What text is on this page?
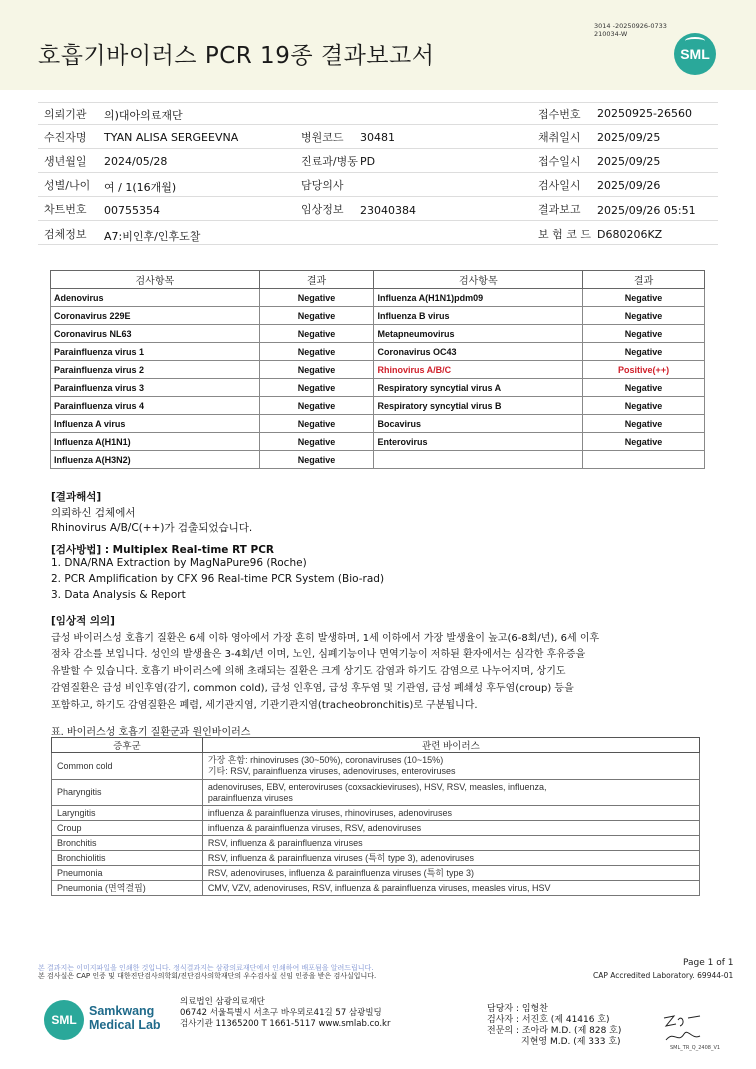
호흡기바이러스 PCR 19종 결과보고서
3014 -20250926-0733
210034-W
SML
의뢰기관 의)대아의료재단	접수번호 20250925-26560
수진자명 TYAN ALISA SERGEEVNA	병원코드 30481	채취일시 2025/09/25
생년월일 2024/05/28	진료과/병동 PD	접수일시 2025/09/25
성별/나이 여 / 1(16개월)	담당의사	검사일시 2025/09/26
차트번호 00755354	임상정보 23040384	결과보고 2025/09/26 05:51
검체정보 A7:비인후/인후도찰	보 험 코 드 D680206KZ
검사항목	결과	검사항목	결과
Adenovirus	Negative	Influenza A(H1N1)pdm09	Negative
Coronavirus 229E	Negative	Influenza B virus	Negative
Coronavirus NL63	Negative	Metapneumovirus	Negative
Parainfluenza virus 1	Negative	Coronavirus OC43	Negative
Parainfluenza virus 2	Negative	Rhinovirus A/B/C	Positive(++)
Parainfluenza virus 3	Negative	Respiratory syncytial virus A	Negative
Parainfluenza virus 4	Negative	Respiratory syncytial virus B	Negative
Influenza A virus	Negative	Bocavirus	Negative
Influenza A(H1N1)	Negative	Enterovirus	Negative
Influenza A(H3N2)	Negative		
[결과해석]
의뢰하신 검체에서
Rhinovirus A/B/C(++)가 검출되었습니다.
[검사방법] : Multiplex Real-time RT PCR
1. DNA/RNA Extraction by MagNaPure96 (Roche)
2. PCR Amplification by CFX 96 Real-time PCR System (Bio-rad)
3. Data Analysis & Report
[임상적 의의]
급성 바이러스성 호흡기 질환은 6세 이하 영아에서 가장 흔히 발생하며, 1세 이하에서 가장 발생율이 높고(6-8회/년), 6세 이후
점차 감소를 보입니다. 성인의 발생율은 3-4회/년 이며, 노인, 심폐기능이나 면역기능이 저하된 환자에서는 심각한 후유증을
유발할 수 있습니다. 호흡기 바이러스에 의해 초래되는 질환은 크게 상기도 감염과 하기도 감염으로 나누어지며, 상기도
감염질환은 급성 비인후염(감기, common cold), 급성 인후염, 급성 후두염 및 기관염, 급성 폐쇄성 후두염(croup) 등을
포함하고, 하기도 감염질환은 폐렴, 세기관지염, 기관기관지염(tracheobronchitis)로 구분됩니다.
표. 바이러스성 호흡기 질환군과 원인바이러스
증후군	관련 바이러스
Common cold	가장 흔함: rhinoviruses (30~50%), coronaviruses (10~15%)
기타: RSV, parainfluenza viruses, adenoviruses, enteroviruses

Pharyngitis	adenoviruses, EBV, enteroviruses (coxsackieviruses), HSV, RSV, measles, influenza,
parainfluenza viruses

Laryngitis	influenza & parainfluenza viruses, rhinoviruses, adenoviruses
Croup	influenza & parainfluenza viruses, RSV, adenoviruses
Bronchitis	RSV, influenza & parainfluenza viruses
Bronchiolitis	RSV, influenza & parainfluenza viruses (특히 type 3), adenoviruses
Pneumonia	RSV, adenoviruses, influenza & parainfluenza viruses (특히 type 3)
Pneumonia (면역결핍)	CMV, VZV, adenoviruses, RSV, influenza & parainfluenza viruses, measles virus, HSV
본 결과지는 이미지파일을 인쇄한 것입니다. 정식결과지는 삼광의료재단에서 인쇄하여 배포됨을 알려드립니다.
본 검사실은 CAP 인증 및 대한진단검사의학회/진단검사의학재단의 우수검사실 신임 인증을 받은 검사실입니다.
Page 1 of 1
CAP Accredited Laboratory. 69944-01
SML
Samkwang
Medical Lab
의료법인 삼광의료재단
06742 서울특별시 서초구 바우뫼로41길 57 삼광빌딩
검사기관 11365200 T 1661-5117 www.smlab.co.kr
담당자 : 임형찬
검사자 : 서진호 (제 41416 호)
전문의 : 조아라 M.D. (제 828 호)
지현영 M.D. (제 333 호)
SML_TR_Q_2408_V1
